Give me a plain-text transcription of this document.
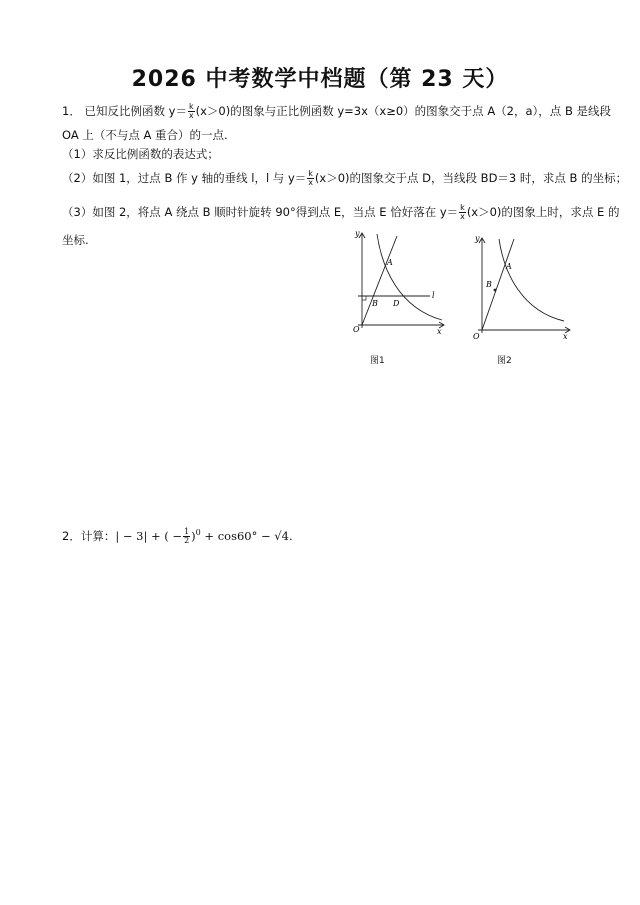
2026 中考数学中档题（第 23 天）
1． 已知反比例函数 $y= \frac{k}{x} (x>0)$的图象与正比例函数 y=3x（x≥0）的图象交于点 A（2，a），点 B 是线段
OA 上（不与点 A 重合）的一点.
（1）求反比例函数的表达式；
（2）如图 1，过点 B 作 y 轴的垂线 l，l 与 $y= \frac{k}{x} (x>0)$的图象交于点 D，当线段 BD＝3 时，求点 B 的坐标；
（3）如图 2，将点 A 绕点 B 顺时针旋转 90°得到点 E，当点 E 恰好落在 $y= \frac{k}{x} (x>0)$的图象上时，求点 E 的
坐标.	y
x
O
A
B D
l
图1
y
x
O
A
B
图2
2．计算：| − 3| + ( − $\frac{1}{2} )^0 + \cos 60^\circ - √4$.
